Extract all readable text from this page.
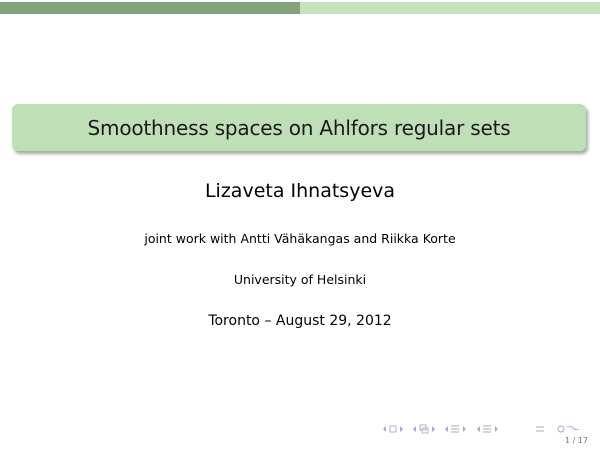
Smoothness spaces on Ahlfors regular sets
Lizaveta Ihnatsyeva
joint work with Antti Vähäkangas and Riikka Korte
University of Helsinki
Toronto – August 29, 2012
1 / 17
